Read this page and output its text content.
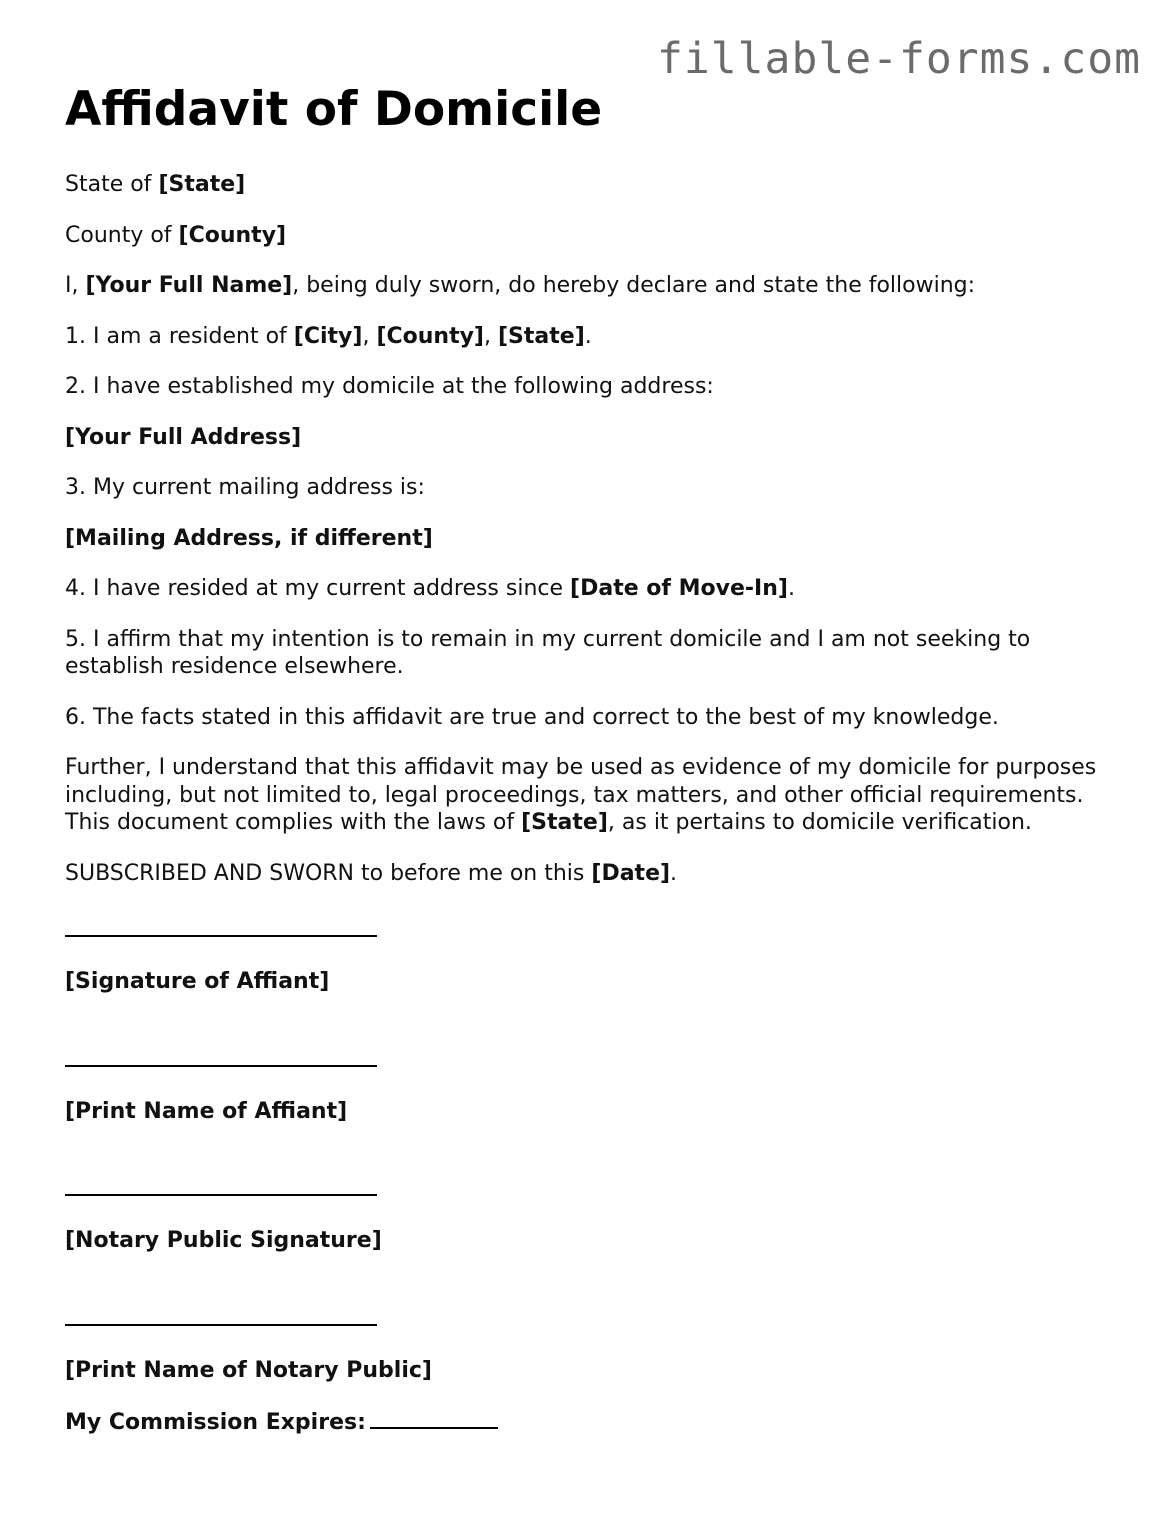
fillable-forms.com
Affidavit of Domicile

State of [State]

County of [County]

I, [Your Full Name], being duly sworn, do hereby declare and state the following:

1. I am a resident of [City], [County], [State].

2. I have established my domicile at the following address:

[Your Full Address]

3. My current mailing address is:

[Mailing Address, if different]

4. I have resided at my current address since [Date of Move-In].

5. I affirm that my intention is to remain in my current domicile and I am not seeking to establish residence elsewhere.

6. The facts stated in this affidavit are true and correct to the best of my knowledge.

Further, I understand that this affidavit may be used as evidence of my domicile for purposes including, but not limited to, legal proceedings, tax matters, and other official requirements. This document complies with the laws of [State], as it pertains to domicile verification.

SUBSCRIBED AND SWORN to before me on this [Date].

[Signature of Affiant]

[Print Name of Affiant]

[Notary Public Signature]

[Print Name of Notary Public]

My Commission Expires:
